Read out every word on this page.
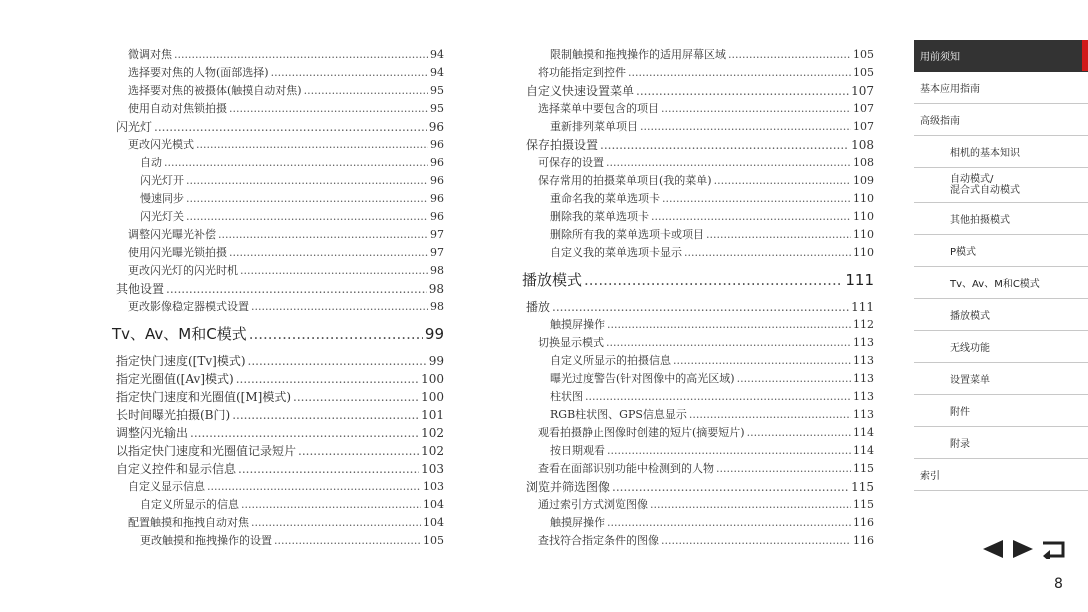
微调对焦 .....	94
选择要对焦的人物(面部选择) .....	94
选择要对焦的被摄体(触摸自动对焦) .....	95
使用自动对焦锁拍摄 .....	95
闪光灯 .....	96
更改闪光模式 .....	96
自动 .....	96
闪光灯开 .....	96
慢速同步 .....	96
闪光灯关 .....	96
调整闪光曝光补偿 .....	97
使用闪光曝光锁拍摄 .....	97
更改闪光灯的闪光时机 .....	98
其他设置 .....	98
更改影像稳定器模式设置 .....	98
Tv、Av、M和C模式 .....	99
指定快门速度([Tv]模式) .....	99
指定光圈值([Av]模式) .....	100
指定快门速度和光圈值([M]模式) .....	100
长时间曝光拍摄(B门) .....	101
调整闪光输出 .....	102
以指定快门速度和光圈值记录短片 .....	102
自定义控件和显示信息 .....	103
自定义显示信息 .....	103
自定义所显示的信息 .....	104
配置触摸和拖拽自动对焦 .....	104
更改触摸和拖拽操作的设置 .....	105
限制触摸和拖拽操作的适用屏幕区域 .....	105
将功能指定到控件 .....	105
自定义快速设置菜单 .....	107
选择菜单中要包含的项目 .....	107
重新排列菜单项目 .....	107
保存拍摄设置 .....	108
可保存的设置 .....	108
保存常用的拍摄菜单项目(我的菜单) .....	109
重命名我的菜单选项卡 .....	110
删除我的菜单选项卡 .....	110
删除所有我的菜单选项卡或项目 .....	110
自定义我的菜单选项卡显示 .....	110
播放模式 .....	111
播放 .....	111
触摸屏操作 .....	112
切换显示模式 .....	113
自定义所显示的拍摄信息 .....	113
曝光过度警告(针对图像中的高光区域) .....	113
柱状图 .....	113
RGB柱状图、GPS信息显示 .....	113
观看拍摄静止图像时创建的短片(摘要短片) .....	114
按日期观看 .....	114
查看在面部识别功能中检测到的人物 .....	115
浏览并筛选图像 .....	115
通过索引方式浏览图像 .....	115
触摸屏操作 .....	116
查找符合指定条件的图像 .....	116
用前须知
基本应用指南
高级指南
相机的基本知识
自动模式/
混合式自动模式
其他拍摄模式
P模式
Tv、Av、M和C模式
播放模式
无线功能
设置菜单
附件
附录
索引
8
